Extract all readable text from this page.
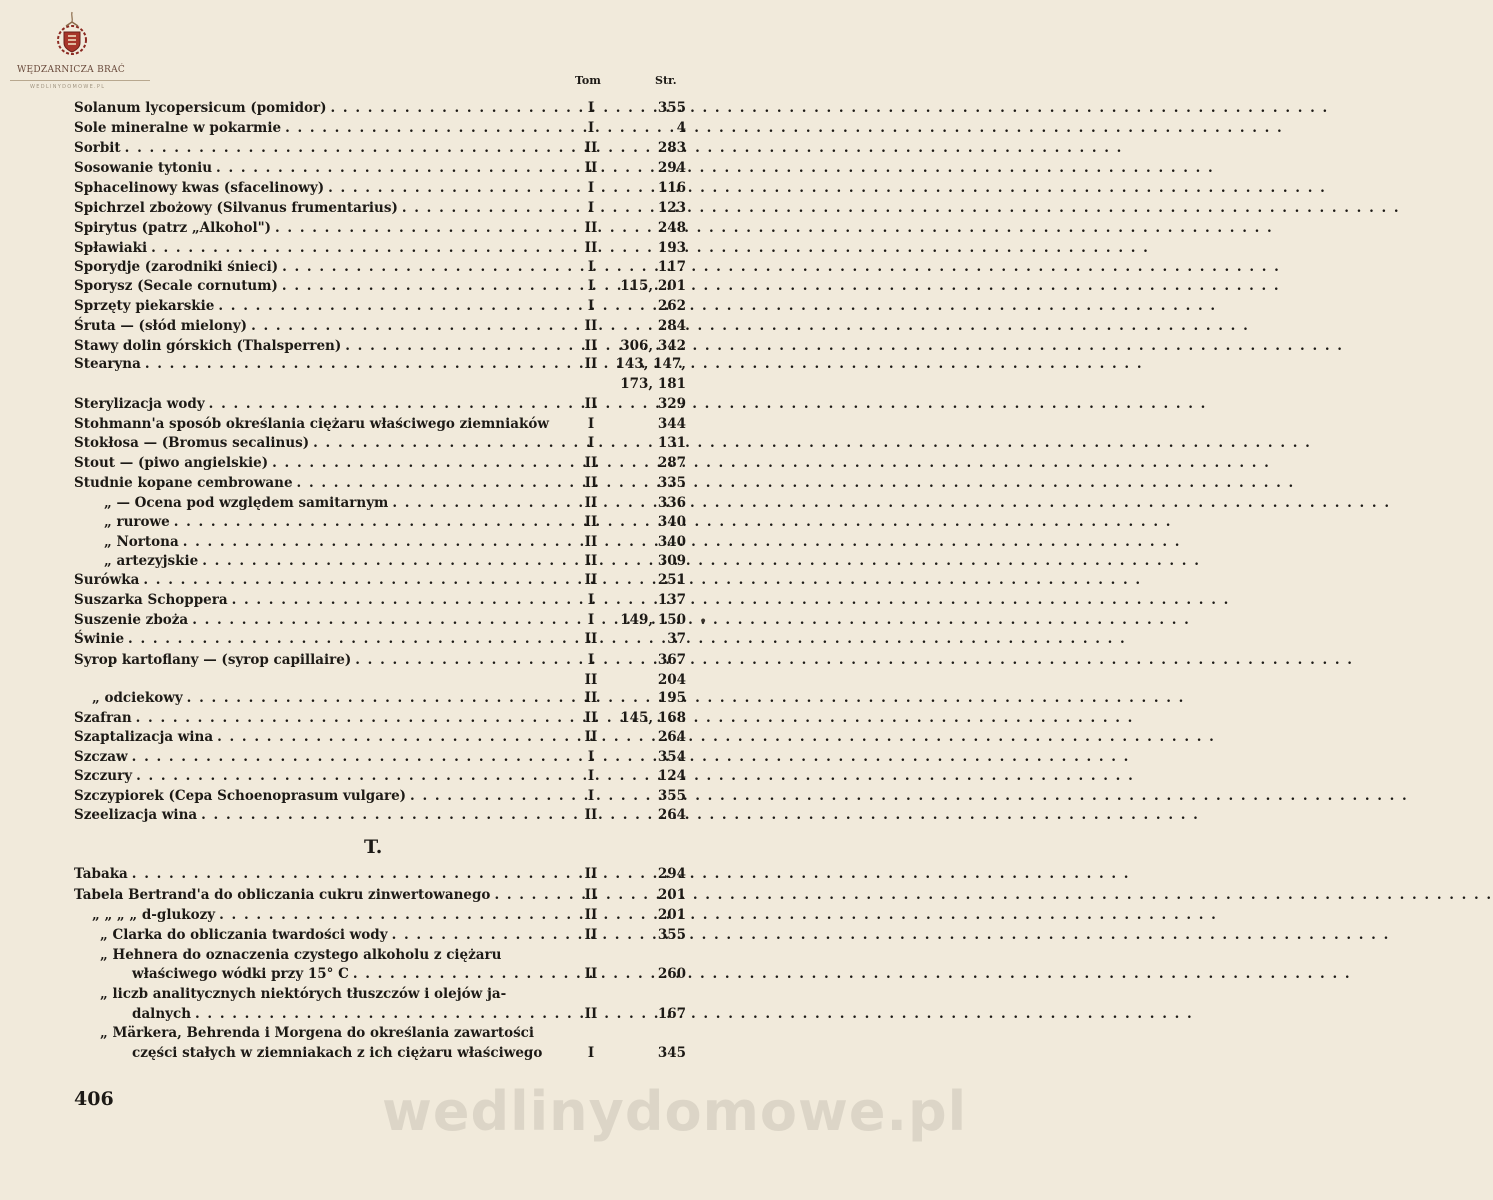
WĘDZARNICZA BRAĆ
WEDLINYDOMOWE.PL	Tom	Str.
Solanum lycopersicum (pomidor) . . .	I	355
Sole mineralne w pokarmie . . .	I	4
Sorbit . . .	II	283
Sosowanie tytoniu . . .	II	294
Sphacelinowy kwas (sfacelinowy) . . .	I	116
Spichrzel zbożowy (Silvanus frumentarius) . . .	I	123
Spirytus (patrz „Alkohol") . . .	II	248
Spławiaki . . .	II	193
Sporydje (zarodniki śnieci) . . .	I	117
Sporysz (Secale cornutum) . . .	I	115, 201
Sprzęty piekarskie . . .	I	262
Śruta — (słód mielony) . . .	II	284
Stawy dolin górskich (Thalsperren) . . .	II	306, 342
Stearyna . . .	II	143, 147,
173, 181
Sterylizacja wody . . .	II	329
Stohmann'a sposób określania ciężaru właściwego ziemniaków	I	344
Stokłosa — (Bromus secalinus) . . .	I	131
Stout — (piwo angielskie) . . .	II	287
Studnie kopane cembrowane . . .	II	335
„ — Ocena pod względem samitarnym . . .	II	336
„ rurowe . . .	II	340
„ Nortona . . .	II	340
„ artezyjskie . . .	II	309
Surówka . . .	II	251
Suszarka Schoppera . . .	I	137
Suszenie zboża . . .	I	149, 150
Świnie . . .	II	37
Syrop kartoflany — (syrop capillaire) . . .	I	367
II	204
„ odciekowy . . .	II	195
Szafran . . .	II	145, 168
Szaptalizacja wina . . .	II	264
Szczaw . . .	I	354
Szczury . . .	I	124
Szczypiorek (Cepa Schoenoprasum vulgare) . . .	I	355
Szeelizacja wina . . .	II	264
Tabaka . . .	II	294
Tabela Bertrand'a do obliczania cukru zinwertowanego . . .	II	201
„ „ „ „ d-glukozy . . .	II	201
„ Clarka do obliczania twardości wody . . .	II	355
„ Hehnera do oznaczenia czystego alkoholu z ciężaru
właściwego wódki przy 15° C . . .	II	260
„ liczb analitycznych niektórych tłuszczów i olejów ja-
dalnych . . .	II	167
„ Märkera, Behrenda i Morgena do określania zawartości
części stałych w ziemniakach z ich ciężaru właściwego	I	345
T.
406	wedlinydomowe.pl
•
